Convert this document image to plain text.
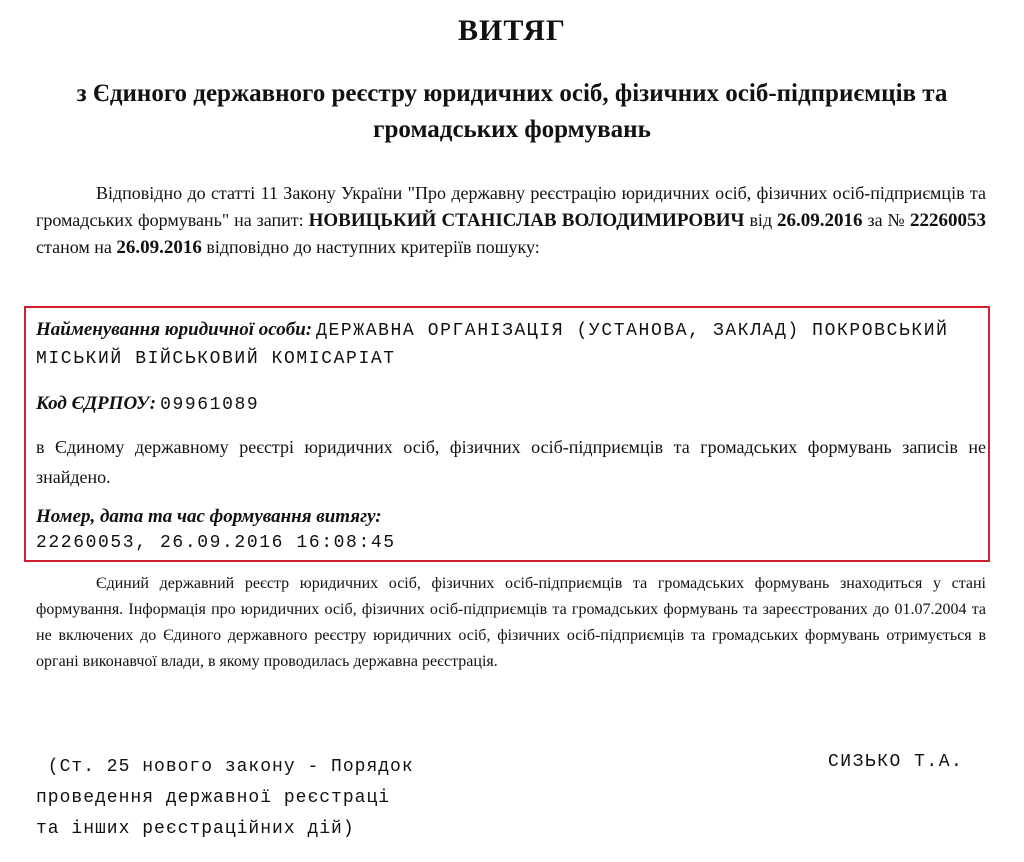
ВИТЯГ
з Єдиного державного реєстру юридичних осіб, фізичних осіб-підприємців та громадських формувань
Відповідно до статті 11 Закону України "Про державну реєстрацію юридичних осіб, фізичних осіб-підприємців та громадських формувань" на запит: НОВИЦЬКИЙ СТАНІСЛАВ ВОЛОДИМИРОВИЧ від 26.09.2016 за № 22260053 станом на 26.09.2016 відповідно до наступних критеріїв пошуку:
Найменування юридичної особи: ДЕРЖАВНА ОРГАНІЗАЦІЯ (УСТАНОВА, ЗАКЛАД) ПОКРОВСЬКИЙ МІСЬКИЙ ВІЙСЬКОВИЙ КОМІСАРІАТ
Код ЄДРПОУ: 09961089
в Єдиному державному реєстрі юридичних осіб, фізичних осіб-підприємців та громадських формувань записів не знайдено.
Номер, дата та час формування витягу:
22260053, 26.09.2016 16:08:45
Єдиний державний реєстр юридичних осіб, фізичних осіб-підприємців та громадських формувань знаходиться у стані формування. Інформація про юридичних осіб, фізичних осіб-підприємців та громадських формувань та зареєстрованих до 01.07.2004 та не включених до Єдиного державного реєстру юридичних осіб, фізичних осіб-підприємців та громадських формувань отримується в органі виконавчої влади, в якому проводилась державна реєстрація.
(Ст. 25 нового закону - Порядок
проведення державної реєстраці
та інших реєстраційних дій)
СИЗЬКО Т.А.
